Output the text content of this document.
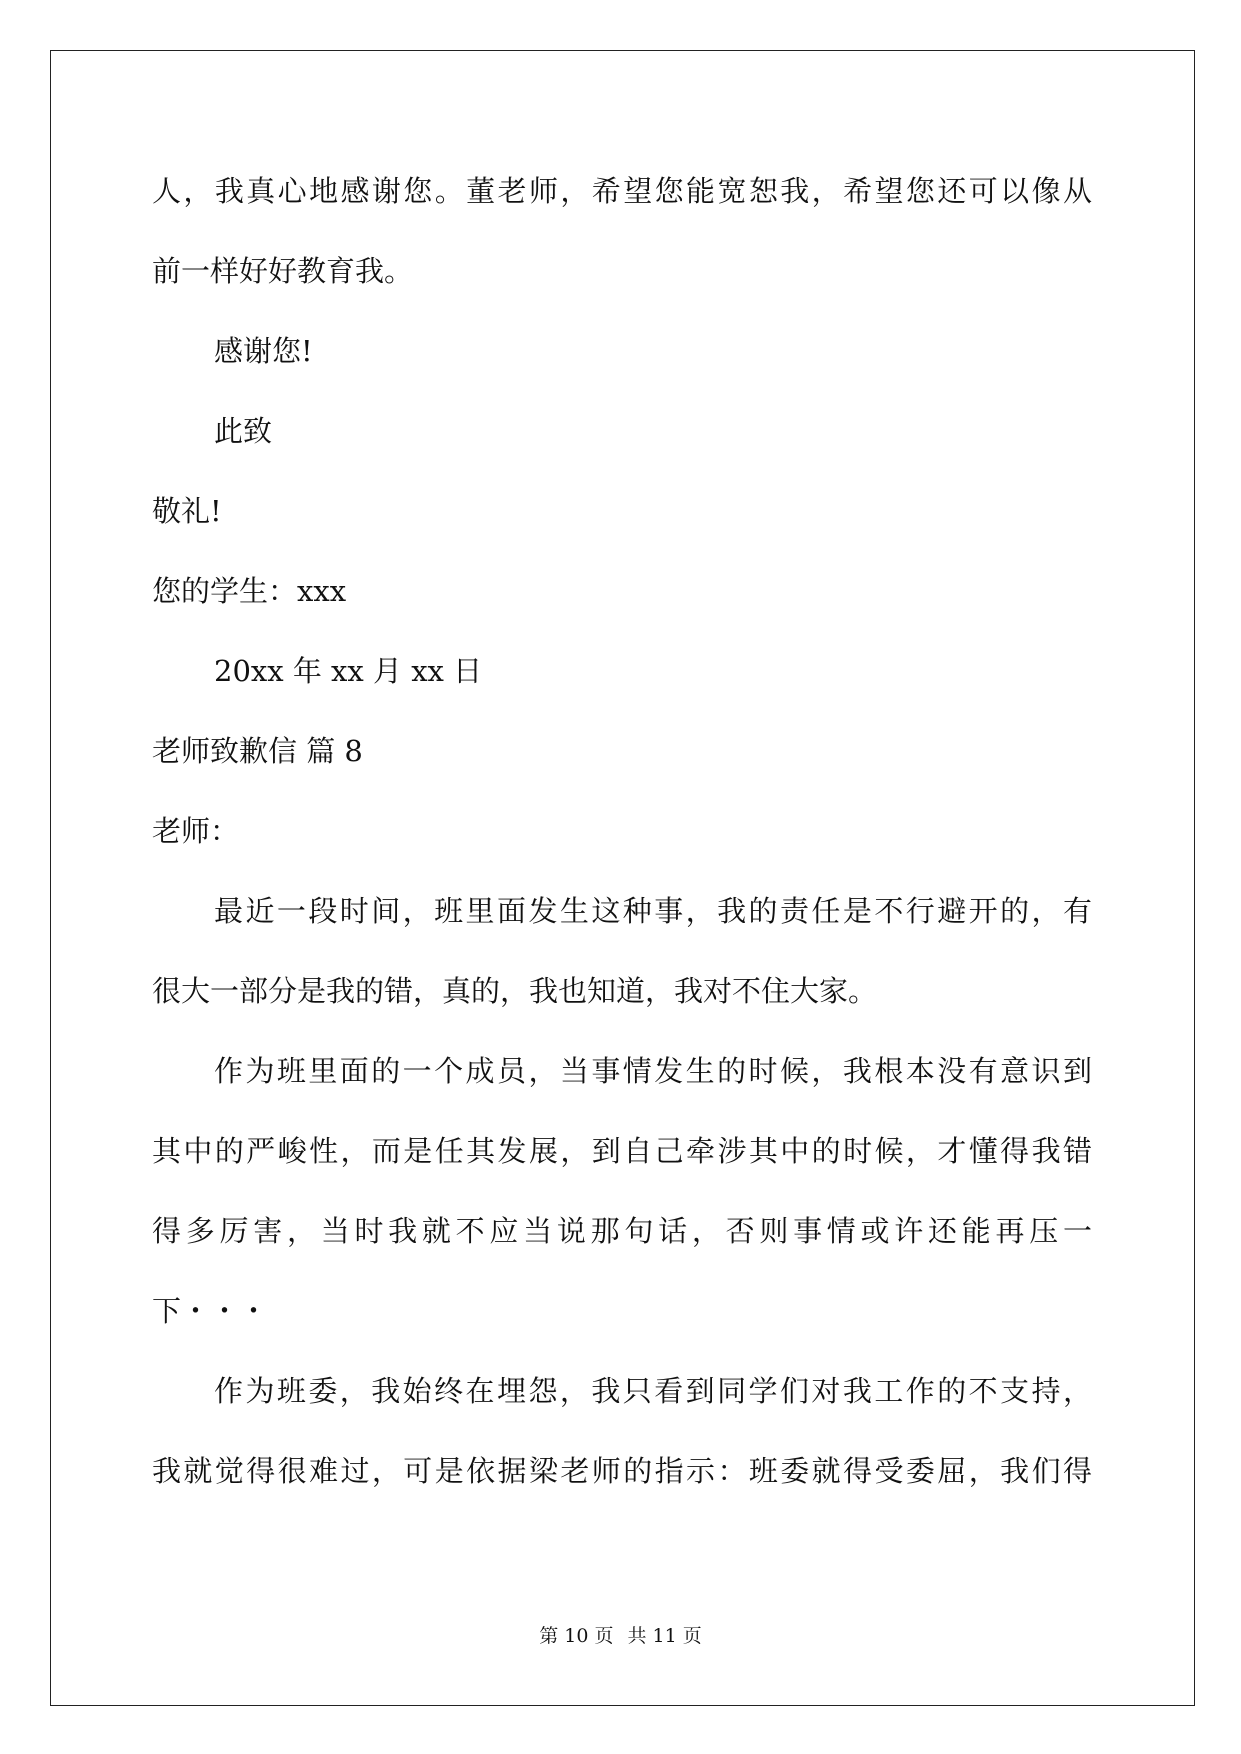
人，我真心地感谢您。董老师，希望您能宽恕我，希望您还可以像从
前一样好好教育我。
感谢您!
此致
敬礼!
您的学生：xxx
20xx 年 xx 月 xx 日
老师致歉信 篇 8
老师：
最近一段时间，班里面发生这种事，我的责任是不行避开的，有
很大一部分是我的错，真的，我也知道，我对不住大家。
作为班里面的一个成员，当事情发生的时候，我根本没有意识到
其中的严峻性，而是任其发展，到自己牵涉其中的时候，才懂得我错
得多厉害，当时我就不应当说那句话，否则事情或许还能再压一
下・・・
作为班委，我始终在埋怨，我只看到同学们对我工作的不支持，
我就觉得很难过，可是依据梁老师的指示：班委就得受委屈，我们得
第 10 页 共 11 页
